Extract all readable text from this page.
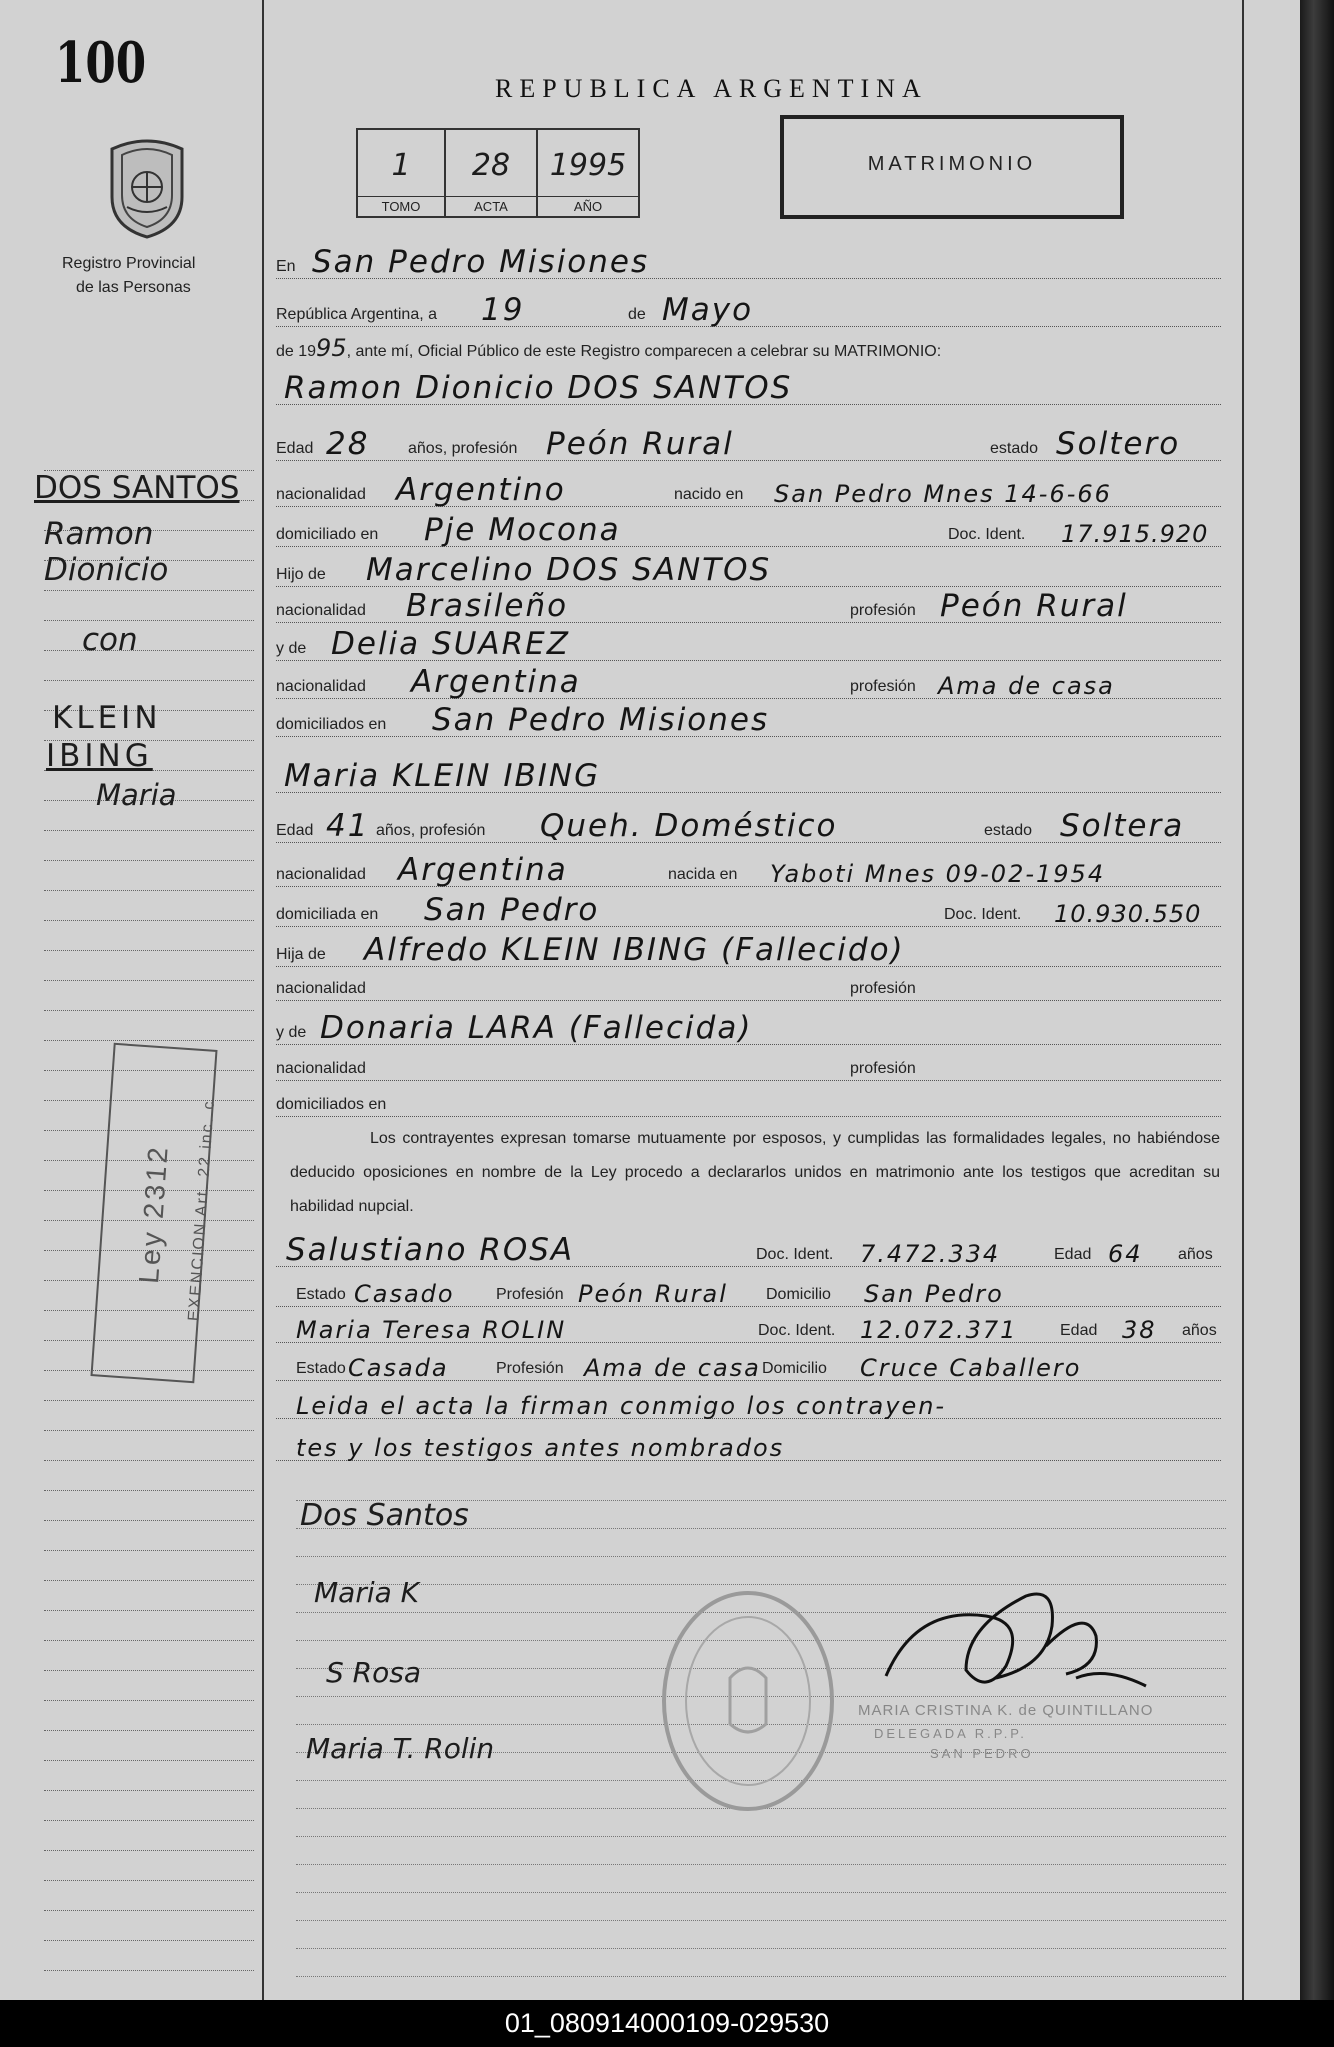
100
Registro Provincial
de las Personas
REPUBLICA ARGENTINA
1
TOMO
28
ACTA
1995
AÑO
MATRIMONIO
DOS SANTOS
Ramon
Dionicio
con
KLEIN
IBING
Maria
Ley 2312 EXENCION Art. 22 inc. c
En San Pedro Misiones
República Argentina, a 19	de Mayo
de 1995, ante mí, Oficial Público de este Registro comparecen a celebrar su MATRIMONIO:
Ramon Dionicio DOS SANTOS
Edad 28 años, profesión Peón Rural	estado Soltero
nacionalidad Argentino	nacido en San Pedro Mnes 14-6-66
domiciliado en Pje Mocona	Doc. Ident. 17.915.920
Hijo de Marcelino DOS SANTOS
nacionalidad Brasileño	profesión Peón Rural
y de Delia SUAREZ
nacionalidad Argentina	profesión Ama de casa
domiciliados en San Pedro Misiones
Maria KLEIN IBING
Edad 41 años, profesión Queh. Doméstico	estado Soltera
nacionalidad Argentina	nacida en Yaboti Mnes 09-02-1954
domiciliada en San Pedro	Doc. Ident. 10.930.550
Hija de Alfredo KLEIN IBING (Fallecido)
nacionalidad	profesión
y de Donaria LARA (Fallecida)
nacionalidad	profesión
domiciliados en
Los contrayentes expresan tomarse mutuamente por esposos, y cumplidas las formalidades legales, no habiéndose deducido oposiciones en nombre de la Ley procedo a declararlos unidos en matrimonio ante los testigos que acreditan su habilidad nupcial.
Salustiano ROSA	Doc. Ident. 7.472.334	Edad 64 años
Estado Casado	Profesión Peón Rural Domicilio San Pedro
Maria Teresa ROLIN	Doc. Ident. 12.072.371	Edad 38 años
Estado Casada	Profesión Ama de casa Domicilio Cruce Caballero
Leida el acta la firman conmigo los contrayen-
tes y los testigos antes nombrados
Dos Santos
Maria K
S Rosa
Maria T. Rolin
MARIA CRISTINA K. de QUINTILLANO
DELEGADA R.P.P.
SAN PEDRO
01_080914000109-029530
